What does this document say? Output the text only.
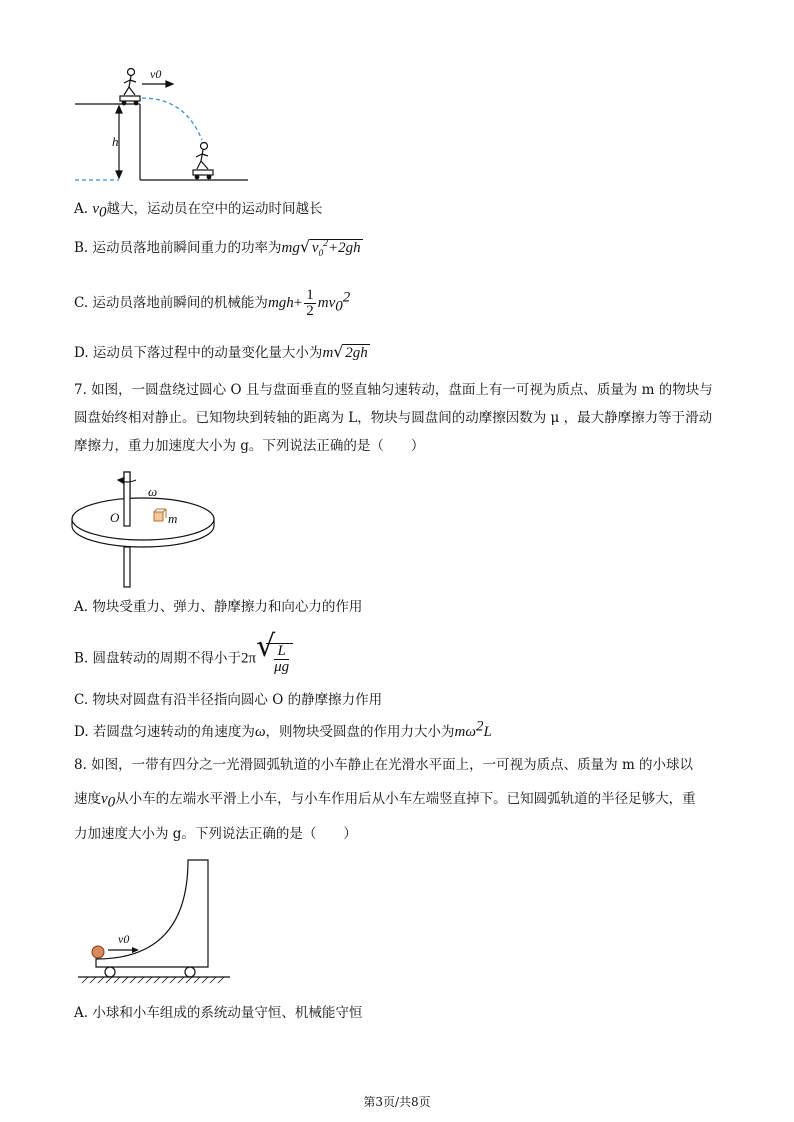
v0
h
A. $v_0$越大，运动员在空中的运动时间越长
B. 运动员落地前瞬间重力的功率为mg √ $v_0^2+2gh$
C. 运动员落地前瞬间的机械能为$mgh+ \frac{1}{2} mv_0^2$
D. 运动员下落过程中的动量变化量大小为m √ 2gh
7. 如图，一圆盘绕过圆心 O 且与盘面垂直的竖直轴匀速转动，盘面上有一可视为质点、质量为 m 的物块与圆盘始终相对静止。已知物块到转轴的距离为 L，物块与圆盘间的动摩擦因数为 μ ，最大静摩擦力等于滑动摩擦力，重力加速度大小为 g。下列说法正确的是（　　）
ω
O	m
A. 物块受重力、弹力、静摩擦力和向心力的作用
B. 圆盘转动的周期不得小于2π √
$\frac{L}{\mu g}$
C. 物块对圆盘有沿半径指向圆心 O 的静摩擦力作用
D. 若圆盘匀速转动的角速度为ω，则物块受圆盘的作用力大小为$m\omega^2L$
8. 如图，一带有四分之一光滑圆弧轨道的小车静止在光滑水平面上，一可视为质点、质量为 m 的小球以
速度$v_0$从小车的左端水平滑上小车，与小车作用后从小车左端竖直掉下。已知圆弧轨道的半径足够大，重
力加速度大小为 g。下列说法正确的是（　　）
v0
A. 小球和小车组成的系统动量守恒、机械能守恒
第3页/共8页
